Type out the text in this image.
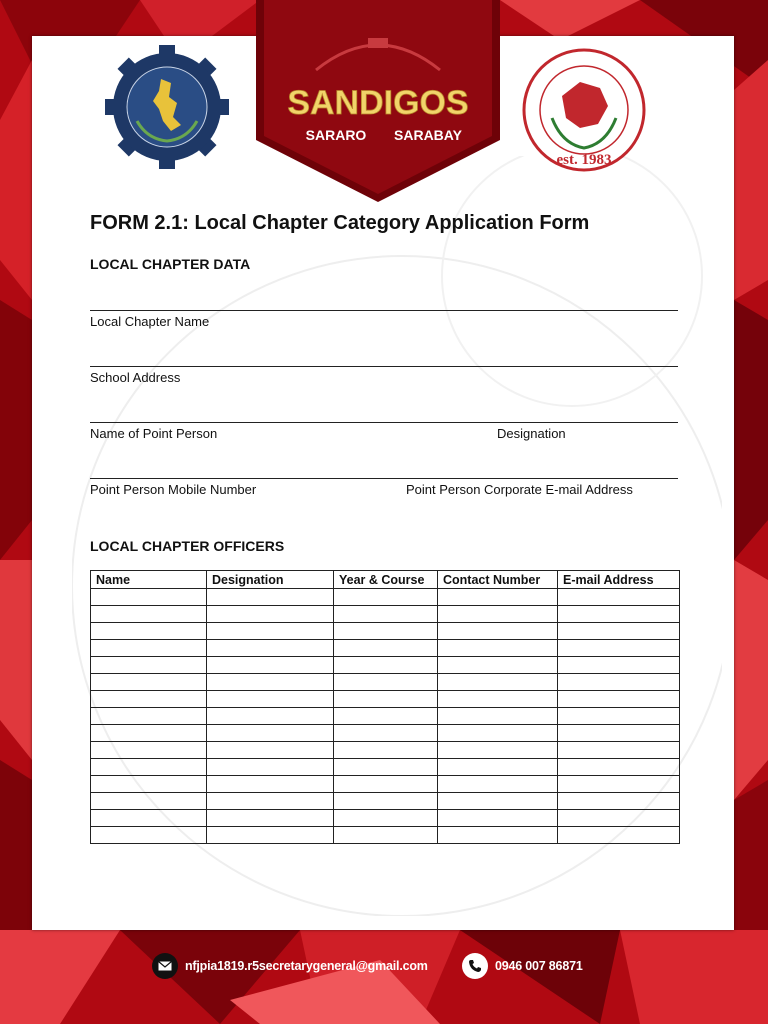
SANDIGOS
SARARO SARABAY
est. 1983
FORM 2.1: Local Chapter Category Application Form
LOCAL CHAPTER DATA
Local Chapter Name
School Address
Name of Point Person	Designation
Point Person Mobile Number	Point Person Corporate E-mail Address
LOCAL CHAPTER OFFICERS
Name	Designation	Year & Course	Contact Number	E-mail Address

nfjpia1819.r5secretarygeneral@gmail.com	0946 007 86871
